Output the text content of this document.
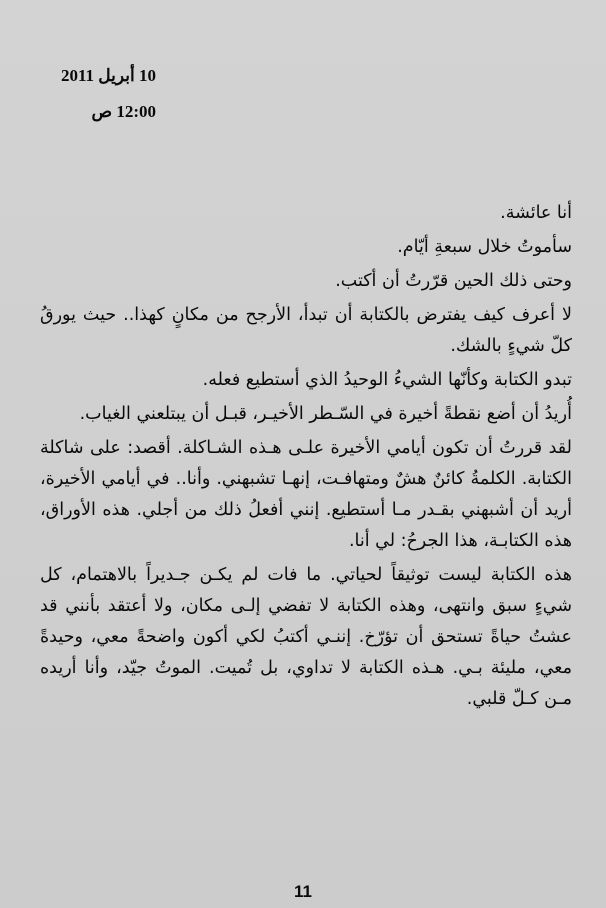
10 أبريل 2011
12:00 ص

أنا عائشة.

سأموتُ خلال سبعةِ أيّام.

وحتى ذلك الحين قرّرتُ أن أكتب.

لا أعرف كيف يفترض بالكتابة أن تبدأ، الأرجح من مكانٍ كهذا.. حيث يورقُ كلّ شيءٍ بالشك.

تبدو الكتابة وكأنّها الشيءُ الوحيدُ الذي أستطيع فعله.

أُريدُ أن أضع نقطةً أخيرة في السّـطر الأخيـر، قبـل أن يبتلعني الغياب.

لقد قررتُ أن تكون أيامي الأخيرة علـى هـذه الشـاكلة. أقصد: على شاكلة الكتابة. الكلمةُ كائنٌ هشٌ ومتهافـت، إنهـا تشبهني. وأنا.. في أيامي الأخيرة، أريد أن أشبهني بقـدر مـا أستطيع. إنني أفعلُ ذلك من أجلي. هذه الأوراق، هذه الكتابـة، هذا الجرحُ: لي أنا.

هذه الكتابة ليست توثيقاً لحياتي. ما فات لم يكـن جـديراً بالاهتمام، كل شيءٍ سبق وانتهى، وهذه الكتابة لا تفضي إلـى مكان، ولا أعتقد بأنني قد عشتُ حياةً تستحق أن تؤرّخ. إننـي أكتبُ لكي أكون واضحةً معي، وحيدةً معي، مليئة بـي. هـذه الكتابة لا تداوي، بل تُميت. الموتُ جيّد، وأنا أريده مـن كـلّ قلبي.

11
